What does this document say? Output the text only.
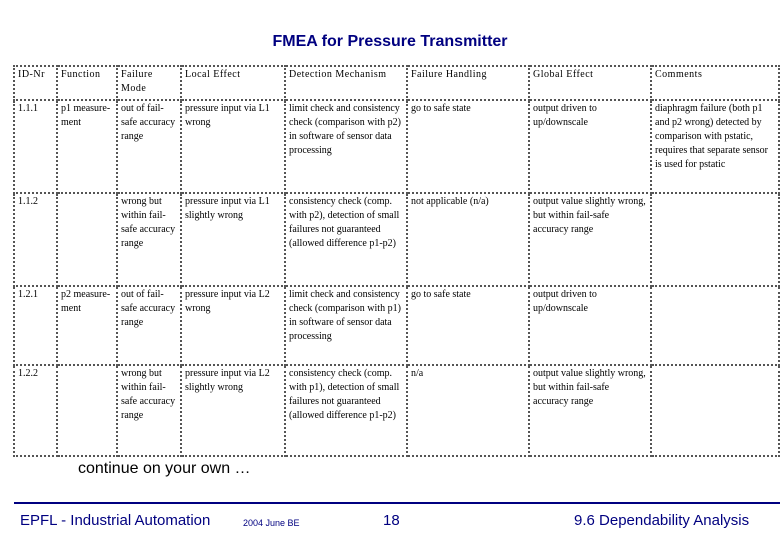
FMEA for Pressure Transmitter
ID-Nr	Function	Failure Mode	Local Effect	Detection Mechanism	Failure Handling	Global Effect	Comments
1.1.1	p1 measure-ment	out of fail-safe accuracy range	pressure input via L1 wrong	limit check and consistency check (comparison with p2) in software of sensor data processing	go to safe state	output driven to up/downscale	diaphragm failure (both p1 and p2 wrong) detected by comparison with pstatic, requires that separate sensor is used for pstatic
1.1.2		wrong but within fail-safe accuracy range	pressure input via L1 slightly wrong	consistency check (comp. with p2), detection of small failures not guaranteed (allowed difference p1-p2)	not applicable (n/a)	output value slightly wrong, but within fail-safe accuracy range	
1.2.1	p2 measure-ment	out of fail-safe accuracy range	pressure input via L2 wrong	limit check and consistency check (comparison with p1) in software of sensor data processing	go to safe state	output driven to up/downscale	
1.2.2		wrong but within fail-safe accuracy range	pressure input via L2 slightly wrong	consistency check (comp. with p1), detection of small failures not guaranteed (allowed difference p1-p2)	n/a	output value slightly wrong, but within fail-safe accuracy range	
continue on your own …
EPFL - Industrial Automation	2004 June BE	18	9.6 Dependability Analysis
